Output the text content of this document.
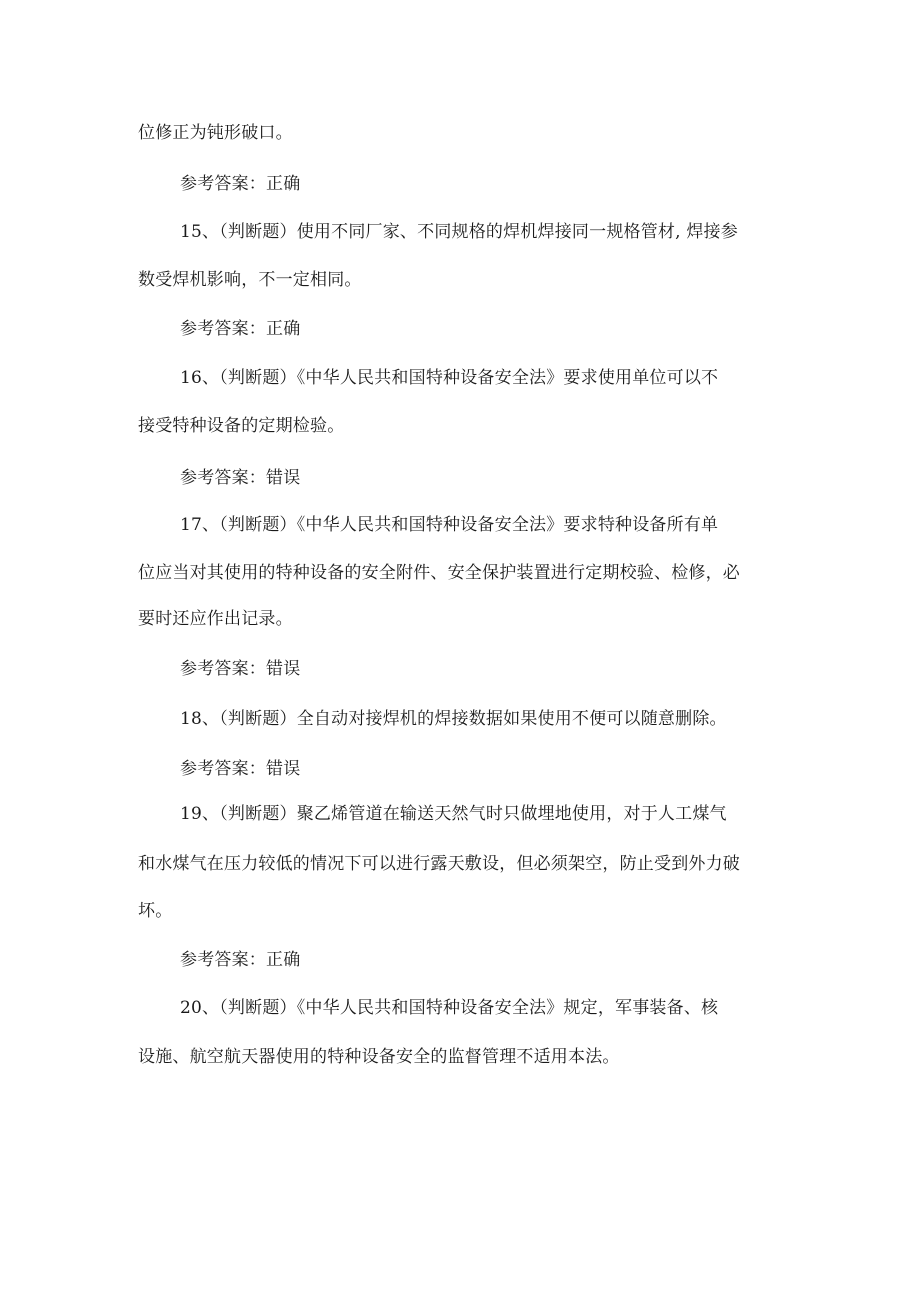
位修正为钝形破口。
参考答案：正确
15、（判断题）使用不同厂家、不同规格的焊机焊接同一规格管材, 焊接参
数受焊机影响，不一定相同。
参考答案：正确
16、（判断题）《中华人民共和国特种设备安全法》要求使用单位可以不
接受特种设备的定期检验。
参考答案：错误
17、（判断题）《中华人民共和国特种设备安全法》要求特种设备所有单
位应当对其使用的特种设备的安全附件、安全保护装置进行定期校验、检修，必
要时还应作出记录。
参考答案：错误
18、（判断题）全自动对接焊机的焊接数据如果使用不便可以随意删除。
参考答案：错误
19、（判断题）聚乙烯管道在输送天然气时只做埋地使用，对于人工煤气
和水煤气在压力较低的情况下可以进行露天敷设，但必须架空，防止受到外力破
坏。
参考答案：正确
20、（判断题）《中华人民共和国特种设备安全法》规定，军事装备、核
设施、航空航天器使用的特种设备安全的监督管理不适用本法。
